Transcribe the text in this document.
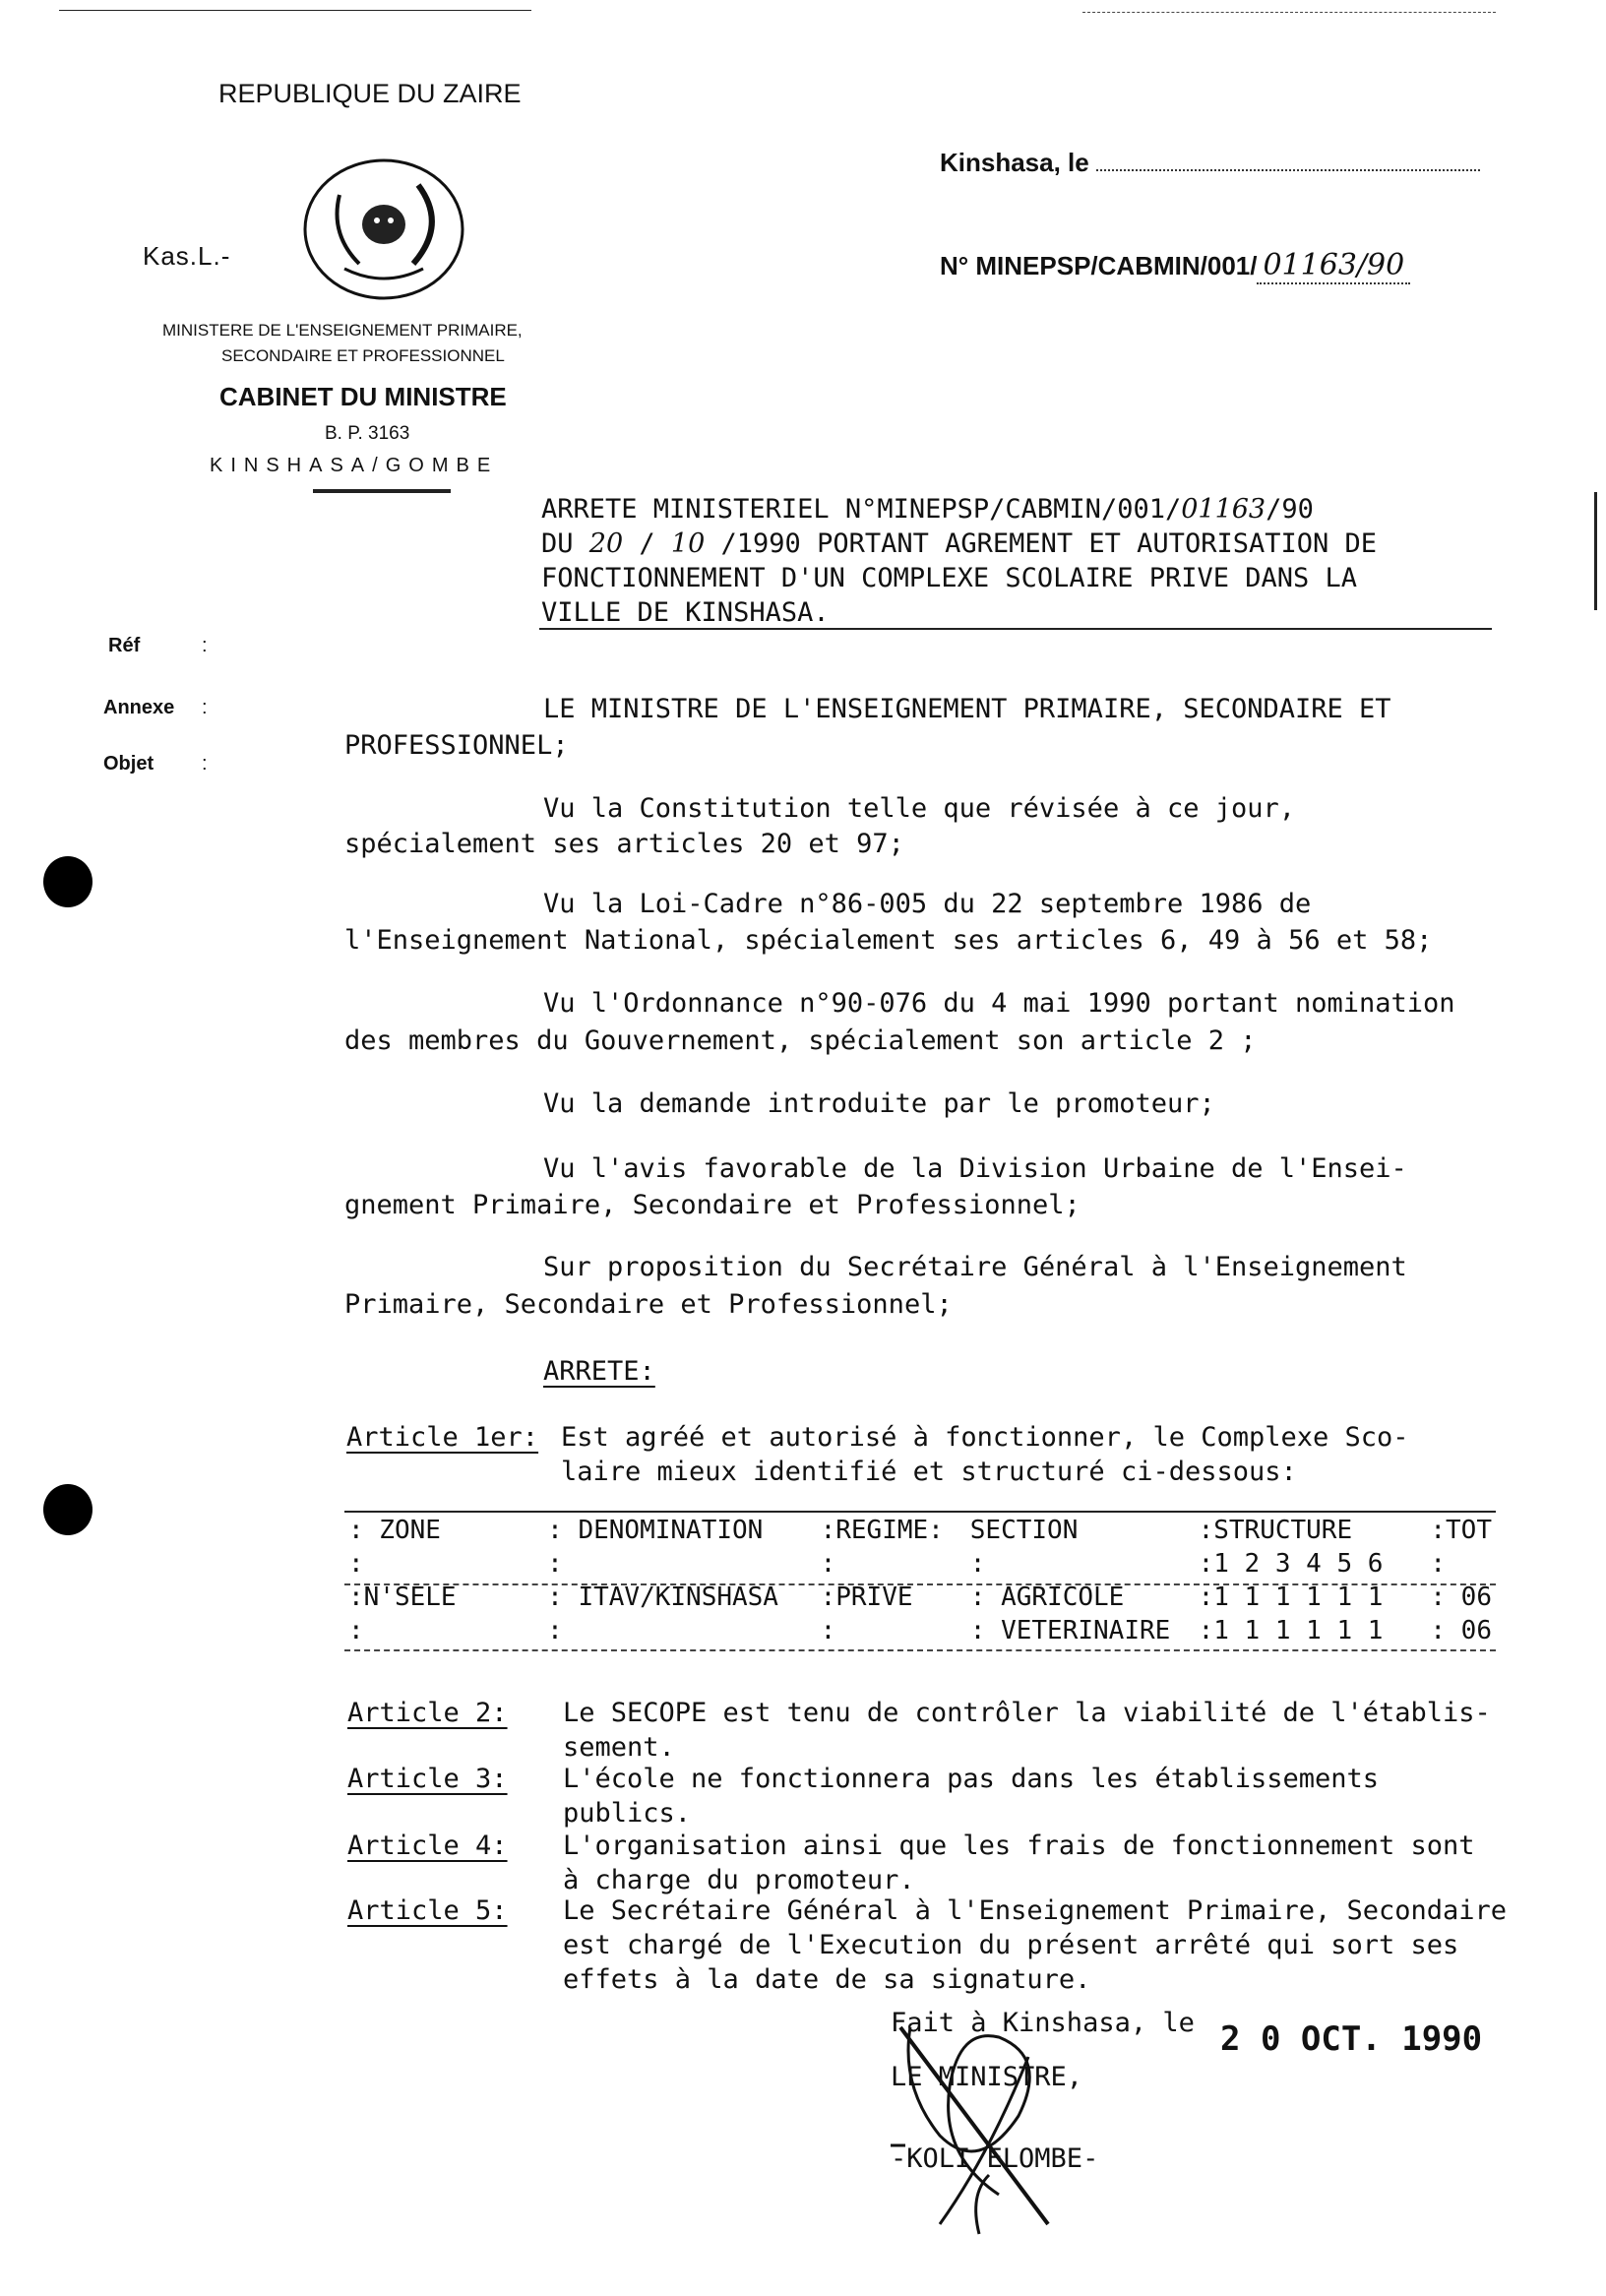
REPUBLIQUE DU ZAIRE
Kas.L.-
MINISTERE DE L'ENSEIGNEMENT PRIMAIRE,
SECONDAIRE ET PROFESSIONNEL
CABINET DU MINISTRE
B. P. 3163
KINSHASA/GOMBE
Kinshasa, le
N° MINEPSP/CABMIN/001/ 01163/90
Réf	:
Annexe :
Objet :
ARRETE MINISTERIEL N°MINEPSP/CABMIN/001/01163/90
DU 20 / 10 /1990 PORTANT AGREMENT ET AUTORISATION DE
FONCTIONNEMENT D'UN COMPLEXE SCOLAIRE PRIVE DANS LA
VILLE DE KINSHASA.
LE MINISTRE DE L'ENSEIGNEMENT PRIMAIRE, SECONDAIRE ET
PROFESSIONNEL;
Vu la Constitution telle que révisée à ce jour,
spécialement ses articles 20 et 97;
Vu la Loi-Cadre n°86-005 du 22 septembre 1986 de
l'Enseignement National, spécialement ses articles 6, 49 à 56 et 58;
Vu l'Ordonnance n°90-076 du 4 mai 1990 portant nomination
des membres du Gouvernement, spécialement son article 2 ;
Vu la demande introduite par le promoteur;
Vu l'avis favorable de la Division Urbaine de l'Ensei-
gnement Primaire, Secondaire et Professionnel;
Sur proposition du Secrétaire Général à l'Enseignement
Primaire, Secondaire et Professionnel;
ARRETE:
Article 1er: Est agréé et autorisé à fonctionner, le Complexe Sco-
laire mieux identifié et structuré ci-dessous:
: ZONE	: DENOMINATION	:REGIME:	SECTION	:STRUCTURE	:TOT
:	:	:	:	:1 2 3 4 5 6	:
:N'SELE	: ITAV/KINSHASA	:PRIVE	: AGRICOLE	:1 1 1 1 1 1	: 06
:	:	:	: VETERINAIRE	:1 1 1 1 1 1	: 06
Article 2: Le SECOPE est tenu de contrôler la viabilité de l'établis-
sement.
Article 3: L'école ne fonctionnera pas dans les établissements
publics.
Article 4: L'organisation ainsi que les frais de fonctionnement sont
à charge du promoteur.
Article 5: Le Secrétaire Général à l'Enseignement Primaire, Secondaire
est chargé de l'Execution du présent arrêté qui sort ses
effets à la date de sa signature.
Fait à Kinshasa, le 2 0 OCT. 1990
LE MINISTRE,
-KOLI ELOMBE-
